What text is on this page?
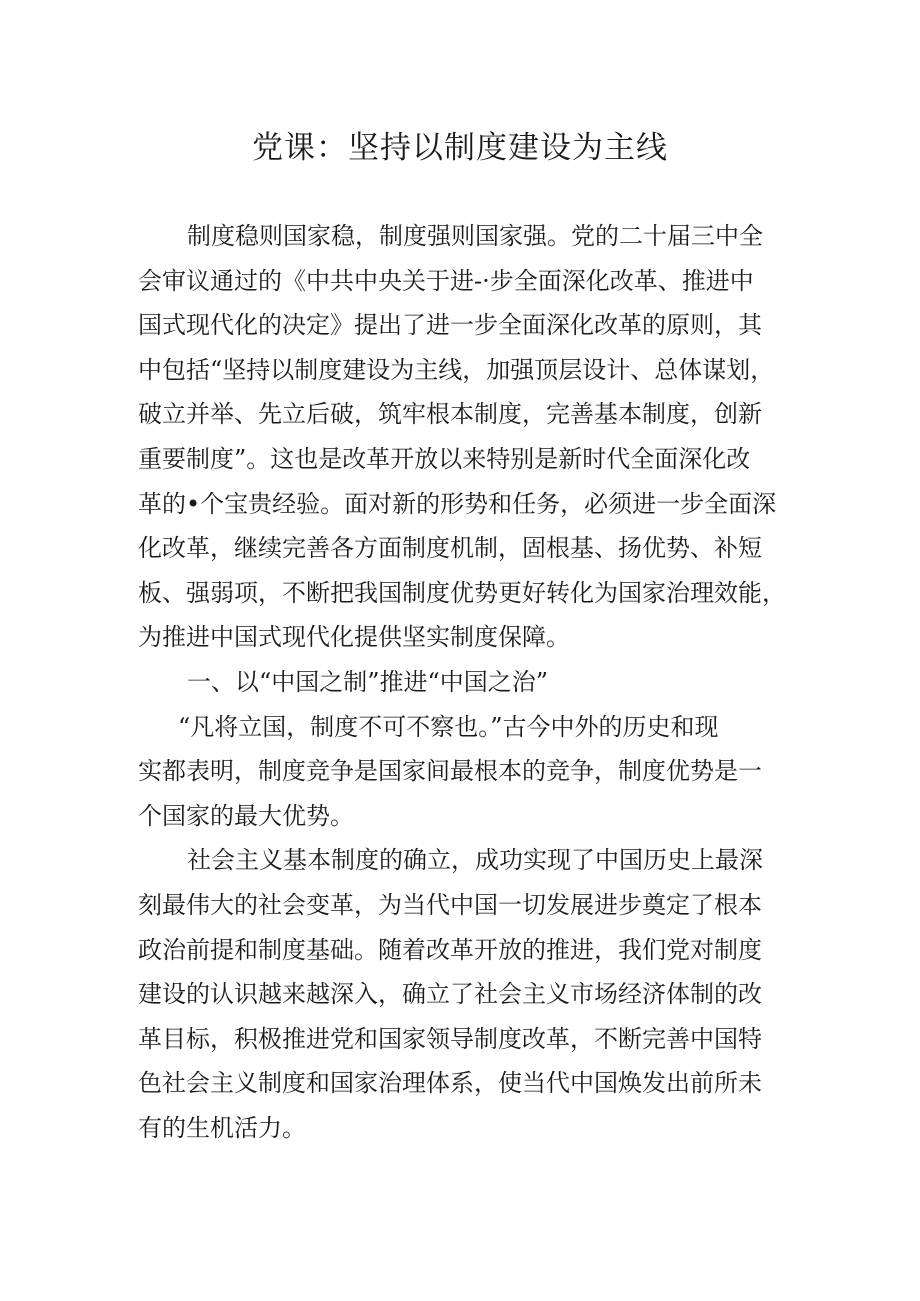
党课：坚持以制度建设为主线
制度稳则国家稳，制度强则国家强。党的二十届三中全
会审议通过的《中共中央关于进-·步全面深化改革、推进中
国式现代化的决定》提出了进一步全面深化改革的原则，其
中包括“坚持以制度建设为主线，加强顶层设计、总体谋划，
破立并举、先立后破，筑牢根本制度，完善基本制度，创新
重要制度”。这也是改革开放以来特别是新时代全面深化改
革的•个宝贵经验。面对新的形势和任务，必须进一步全面深
化改革，继续完善各方面制度机制，固根基、扬优势、补短
板、强弱项，不断把我国制度优势更好转化为国家治理效能，
为推进中国式现代化提供坚实制度保障。
一、以“中国之制”推进“中国之治”
“凡将立国，制度不可不察也。”古今中外的历史和现
实都表明，制度竞争是国家间最根本的竞争，制度优势是一
个国家的最大优势。
社会主义基本制度的确立，成功实现了中国历史上最深
刻最伟大的社会变革，为当代中国一切发展进步奠定了根本
政治前提和制度基础。随着改革开放的推进，我们党对制度
建设的认识越来越深入，确立了社会主义市场经济体制的改
革目标，积极推进党和国家领导制度改革，不断完善中国特
色社会主义制度和国家治理体系，使当代中国焕发出前所未
有的生机活力。
